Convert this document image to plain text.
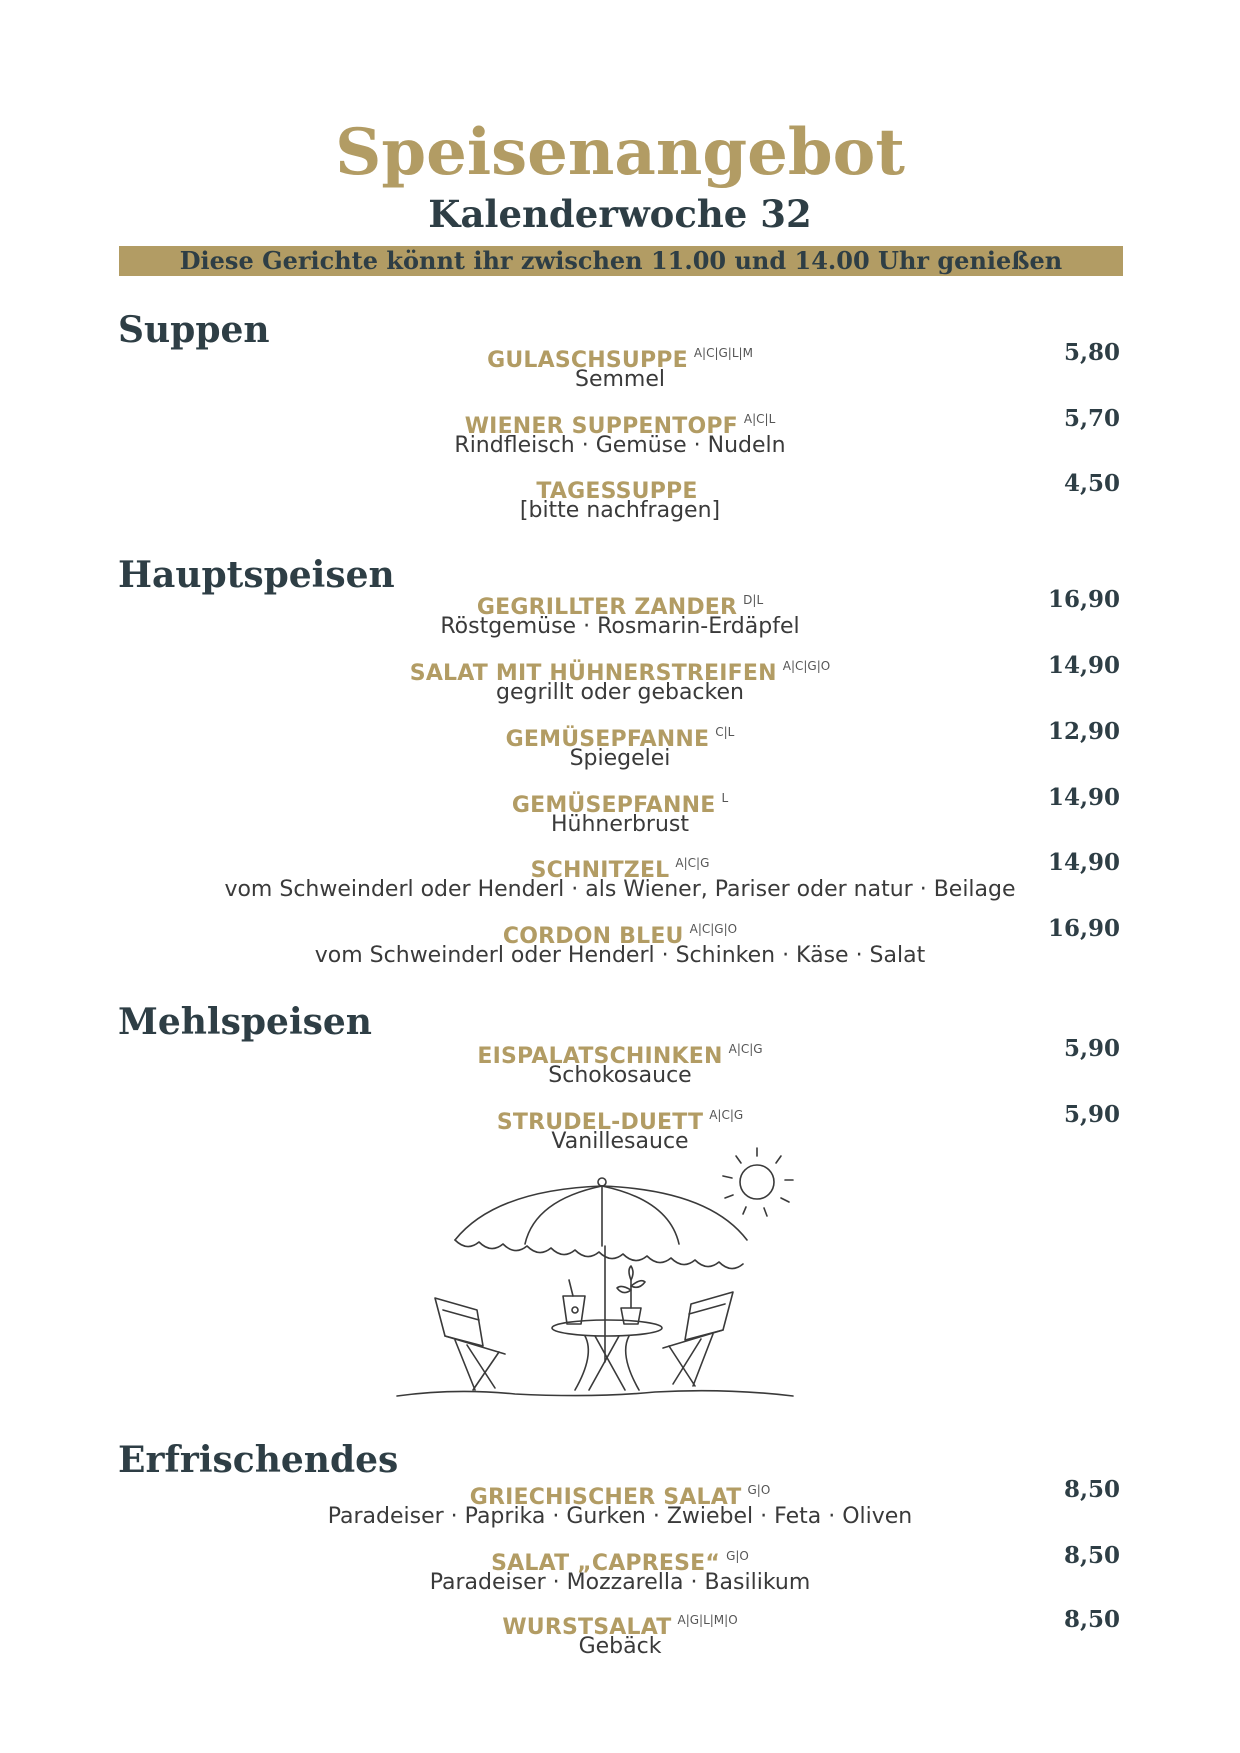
Speisenangebot
Kalenderwoche 32
Diese Gerichte könnt ihr zwischen 11.00 und 14.00 Uhr genießen
Suppen
GULASCHSUPPE $^{A|C|G|L|M}$
Semmel
5,80
WIENER SUPPENTOPF $^{A|C|L}$
Rindfleisch · Gemüse · Nudeln
5,70
TAGESSUPPE
[bitte nachfragen]
4,50
Hauptspeisen
GEGRILLTER ZANDER $^{D|L}$
Röstgemüse · Rosmarin-Erdäpfel
16,90
SALAT MIT HÜHNERSTREIFEN $^{A|C|G|O}$
gegrillt oder gebacken
14,90
GEMÜSEPFANNE $^{C|L}$
Spiegelei
12,90
GEMÜSEPFANNE $^L$
Hühnerbrust
14,90
SCHNITZEL $^{A|C|G}$
vom Schweinderl oder Henderl · als Wiener, Pariser oder natur · Beilage
14,90
CORDON BLEU $^{A|C|G|O}$
vom Schweinderl oder Henderl · Schinken · Käse · Salat
16,90
Mehlspeisen
EISPALATSCHINKEN $^{A|C|G}$
Schokosauce
5,90
STRUDEL-DUETT $^{A|C|G}$
Vanillesauce
5,90
Erfrischendes
GRIECHISCHER SALAT $^{G|O}$
Paradeiser · Paprika · Gurken · Zwiebel · Feta · Oliven
8,50
SALAT „CAPRESE“ $^{G|O}$
Paradeiser · Mozzarella · Basilikum
8,50
WURSTSALAT $^{A|G|L|M|O}$
Gebäck
8,50
